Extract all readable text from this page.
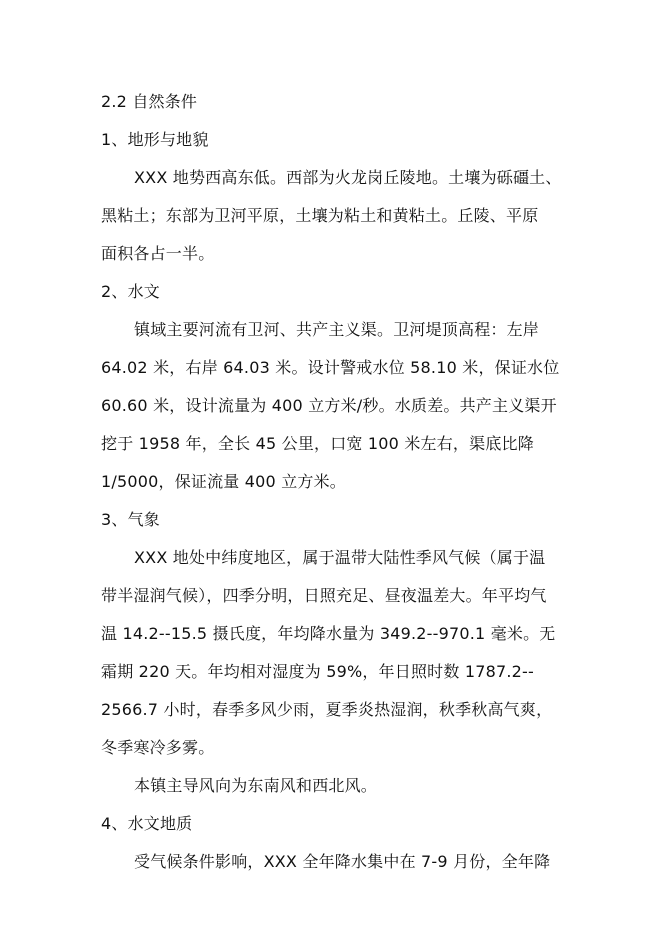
2.2 自然条件
1、地形与地貌
XXX 地势西高东低。西部为火龙岗丘陵地。土壤为砾礓土、
黑粘土；东部为卫河平原，土壤为粘土和黄粘土。丘陵、平原
面积各占一半。
2、水文
镇域主要河流有卫河、共产主义渠。卫河堤顶高程：左岸
64.02 米，右岸 64.03 米。设计警戒水位 58.10 米，保证水位
60.60 米，设计流量为 400 立方米/秒。水质差。共产主义渠开
挖于 1958 年，全长 45 公里，口宽 100 米左右，渠底比降
1/5000，保证流量 400 立方米。
3、气象
XXX 地处中纬度地区，属于温带大陆性季风气候（属于温
带半湿润气候），四季分明，日照充足、昼夜温差大。年平均气
温 14.2--15.5 摄氏度，年均降水量为 349.2--970.1 毫米。无
霜期 220 天。年均相对湿度为 59%，年日照时数 1787.2--
2566.7 小时，春季多风少雨，夏季炎热湿润，秋季秋高气爽，
冬季寒冷多雾。
本镇主导风向为东南风和西北风。
4、水文地质
受气候条件影响，XXX 全年降水集中在 7-9 月份，全年降
